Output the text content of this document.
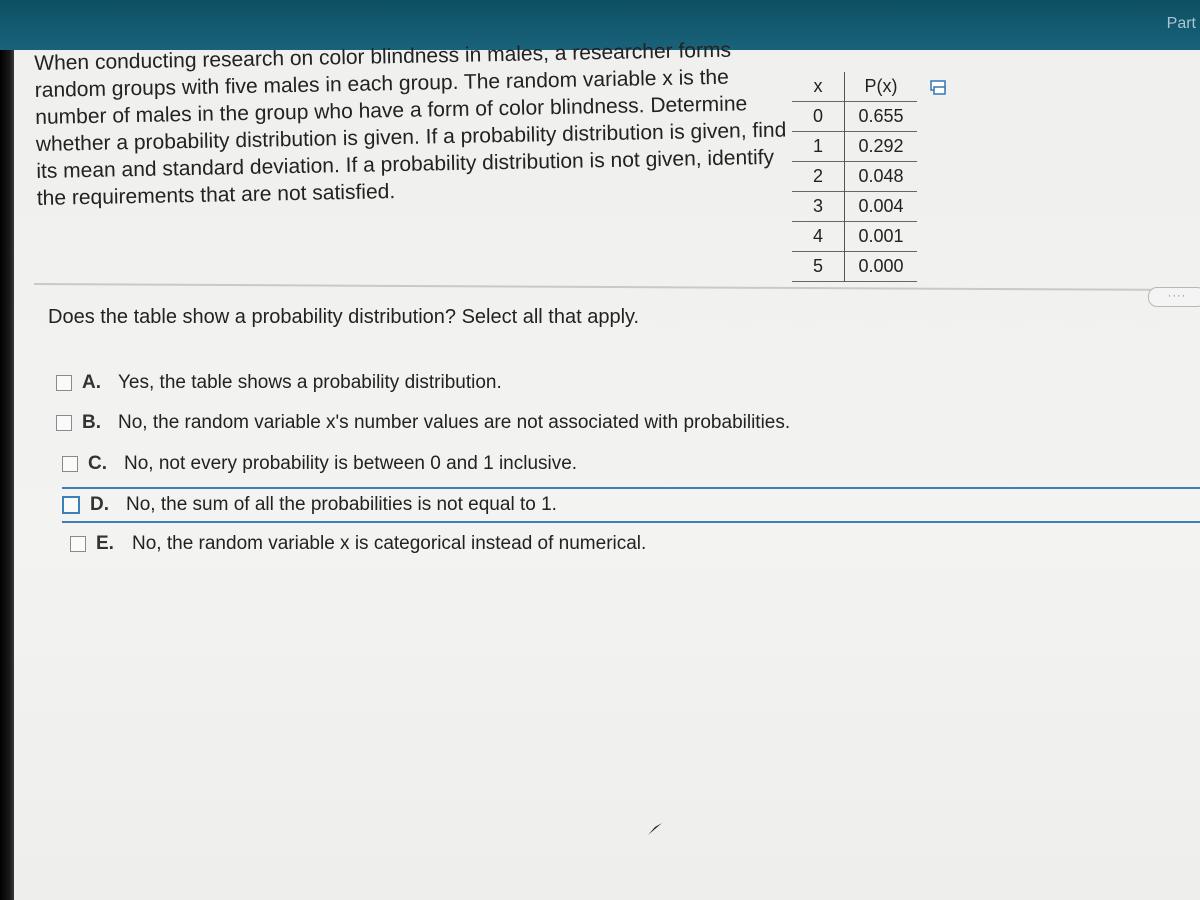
Part
When conducting research on color blindness in males, a researcher forms random groups with five males in each group. The random variable x is the number of males in the group who have a form of color blindness. Determine whether a probability distribution is given. If a probability distribution is given, find its mean and standard deviation. If a probability distribution is not given, identify the requirements that are not satisfied.
x	P(x)
0	0.655
1	0.292
2	0.048
3	0.004
4	0.001
5	0.000
····
Does the table show a probability distribution? Select all that apply.
A. Yes, the table shows a probability distribution.
B. No, the random variable x's number values are not associated with probabilities.
C. No, not every probability is between 0 and 1 inclusive.
D. No, the sum of all the probabilities is not equal to 1.
E. No, the random variable x is categorical instead of numerical.
